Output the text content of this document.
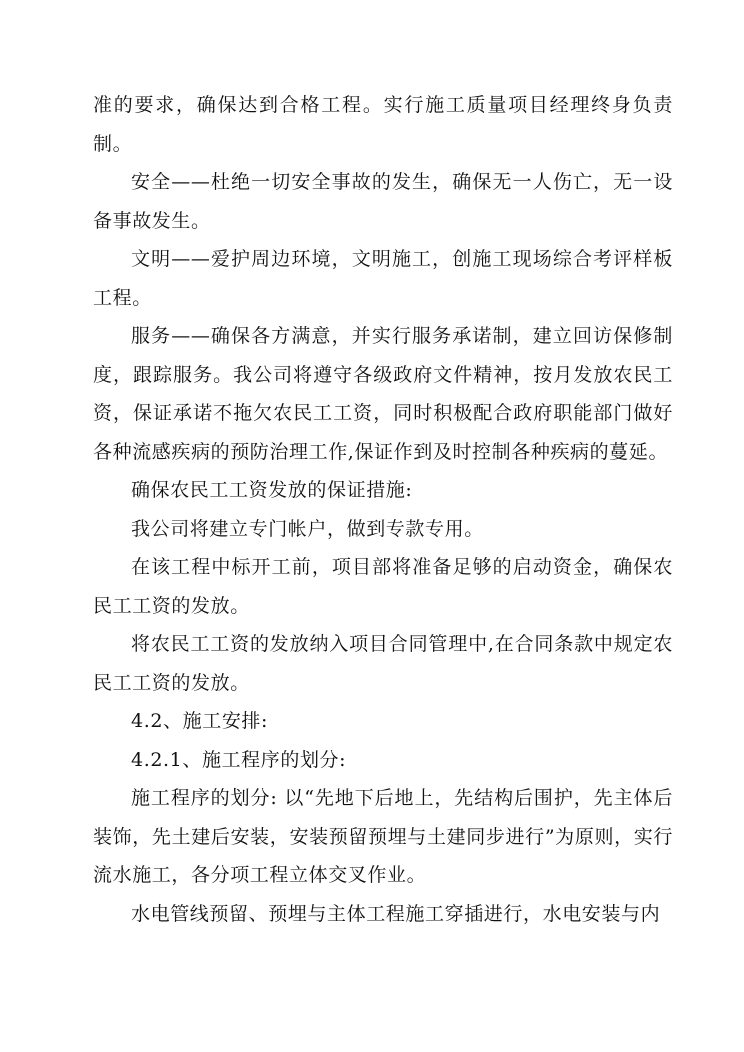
准的要求，确保达到合格工程。实行施工质量项目经理终身负责制。

安全——杜绝一切安全事故的发生，确保无一人伤亡，无一设备事故发生。

文明——爱护周边环境，文明施工，创施工现场综合考评样板工程。

服务——确保各方满意，并实行服务承诺制，建立回访保修制度，跟踪服务。我公司将遵守各级政府文件精神，按月发放农民工资，保证承诺不拖欠农民工工资，同时积极配合政府职能部门做好各种流感疾病的预防治理工作,保证作到及时控制各种疾病的蔓延。

确保农民工工资发放的保证措施:

我公司将建立专门帐户，做到专款专用。

在该工程中标开工前，项目部将准备足够的启动资金，确保农民工工资的发放。

将农民工工资的发放纳入项目合同管理中,在合同条款中规定农民工工资的发放。

4.2、施工安排:

4.2.1、施工程序的划分:

施工程序的划分: 以“先地下后地上，先结构后围护，先主体后装饰，先土建后安装，安装预留预埋与土建同步进行”为原则，实行流水施工，各分项工程立体交叉作业。

水电管线预留、预埋与主体工程施工穿插进行，水电安装与内
